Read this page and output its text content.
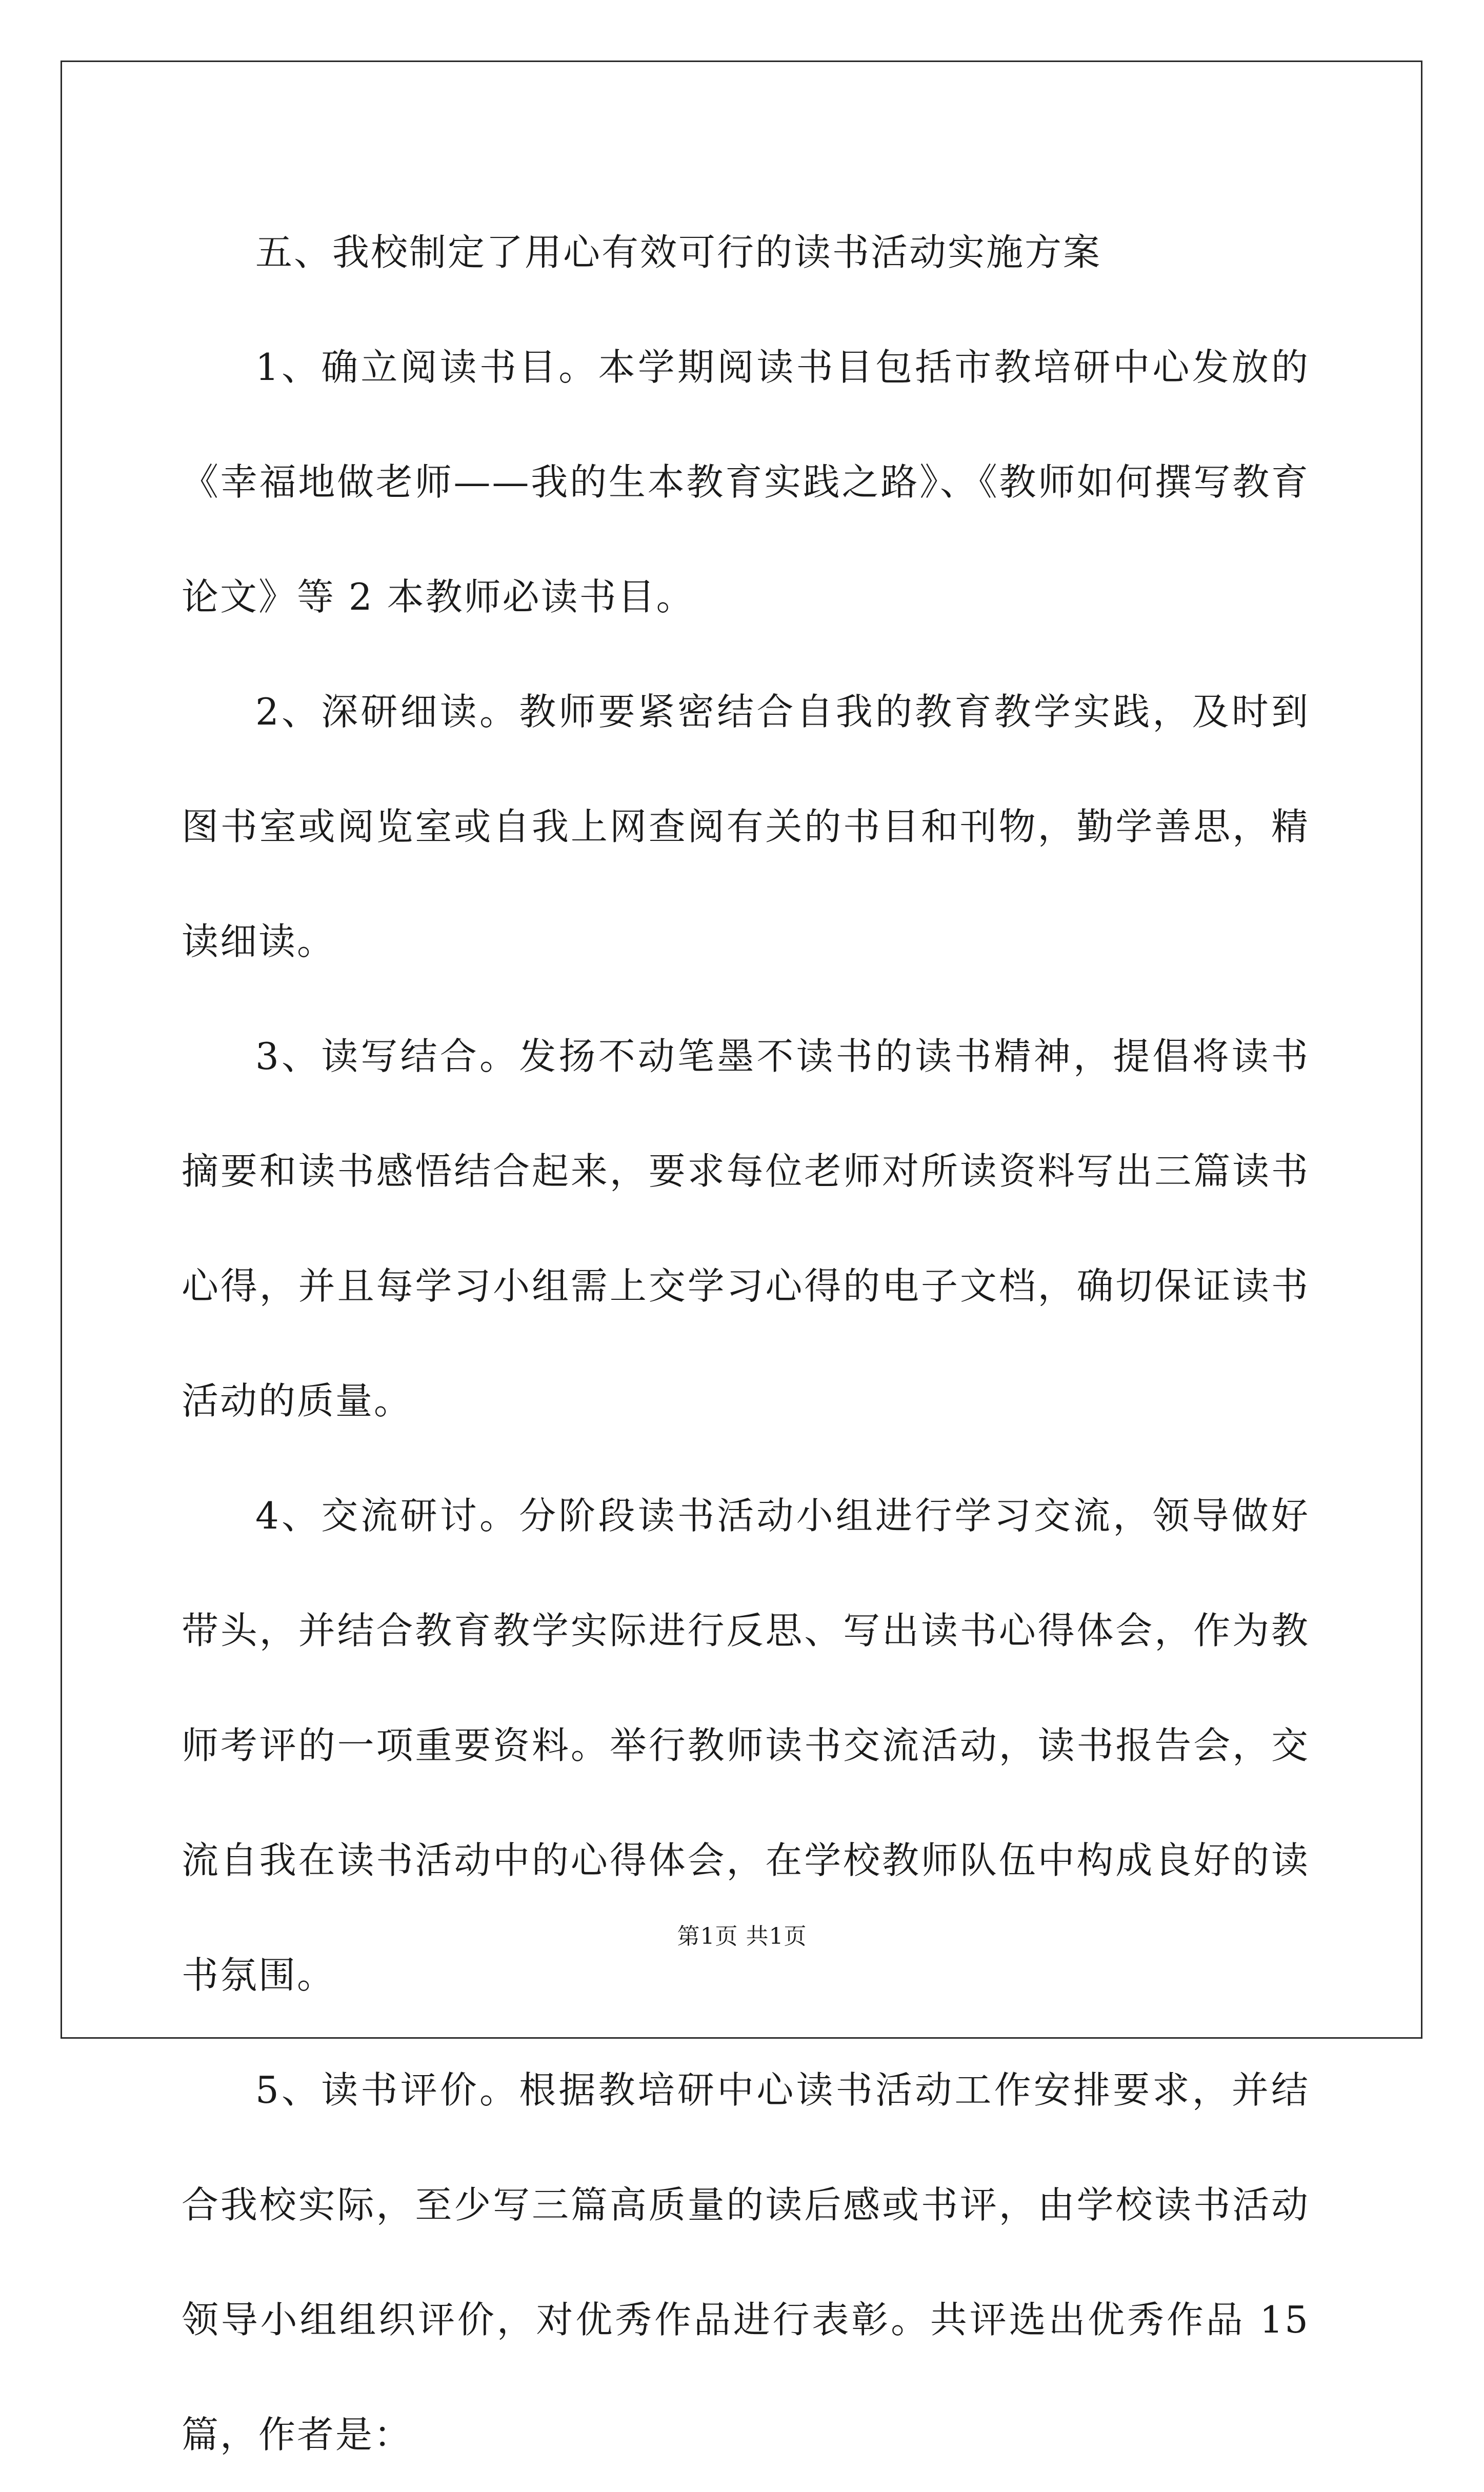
五、我校制定了用心有效可行的读书活动实施方案

1、确立阅读书目。本学期阅读书目包括市教培研中心发放的《幸福地做老师——我的生本教育实践之路》、《教师如何撰写教育论文》等 2 本教师必读书目。

2、深研细读。教师要紧密结合自我的教育教学实践，及时到图书室或阅览室或自我上网查阅有关的书目和刊物，勤学善思，精读细读。

3、读写结合。发扬不动笔墨不读书的读书精神，提倡将读书摘要和读书感悟结合起来，要求每位老师对所读资料写出三篇读书心得，并且每学习小组需上交学习心得的电子文档，确切保证读书活动的质量。

4、交流研讨。分阶段读书活动小组进行学习交流，领导做好带头，并结合教育教学实际进行反思、写出读书心得体会，作为教师考评的一项重要资料。举行教师读书交流活动，读书报告会，交流自我在读书活动中的心得体会，在学校教师队伍中构成良好的读书氛围。

5、读书评价。根据教培研中心读书活动工作安排要求，并结合我校实际，至少写三篇高质量的读后感或书评，由学校读书活动领导小组组织评价，对优秀作品进行表彰。共评选出优秀作品 15 篇，作者是：

第1页 共1页
